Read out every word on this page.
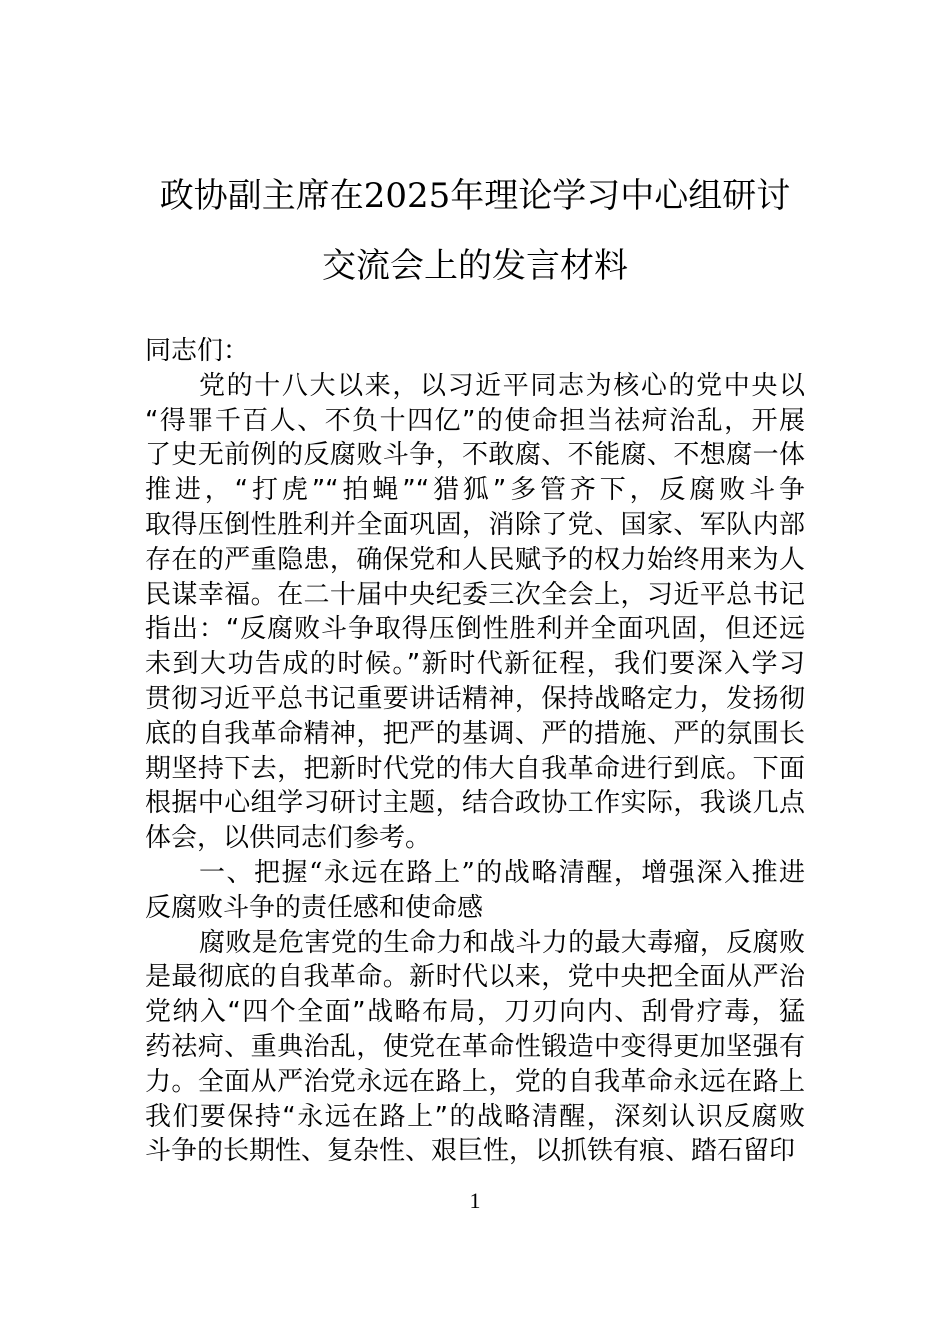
政协副主席在2025年理论学习中心组研讨
交流会上的发言材料
同志们：
党的十八大以来，以习近平同志为核心的党中央以
“得罪千百人、不负十四亿”的使命担当祛疴治乱，开展
了史无前例的反腐败斗争，不敢腐、不能腐、不想腐一体
推进，“打虎”“拍蝇”“猎狐”多管齐下，反腐败斗争
取得压倒性胜利并全面巩固，消除了党、国家、军队内部
存在的严重隐患，确保党和人民赋予的权力始终用来为人
民谋幸福。在二十届中央纪委三次全会上，习近平总书记
指出：“反腐败斗争取得压倒性胜利并全面巩固，但还远
未到大功告成的时候。”新时代新征程，我们要深入学习
贯彻习近平总书记重要讲话精神，保持战略定力，发扬彻
底的自我革命精神，把严的基调、严的措施、严的氛围长
期坚持下去，把新时代党的伟大自我革命进行到底。下面
根据中心组学习研讨主题，结合政协工作实际，我谈几点
体会，以供同志们参考。
一、把握“永远在路上”的战略清醒，增强深入推进
反腐败斗争的责任感和使命感
腐败是危害党的生命力和战斗力的最大毒瘤，反腐败
是最彻底的自我革命。新时代以来，党中央把全面从严治
党纳入“四个全面”战略布局，刀刃向内、刮骨疗毒，猛
药祛疴、重典治乱，使党在革命性锻造中变得更加坚强有
力。全面从严治党永远在路上，党的自我革命永远在路上
我们要保持“永远在路上”的战略清醒，深刻认识反腐败
斗争的长期性、复杂性、艰巨性，以抓铁有痕、踏石留印
1
